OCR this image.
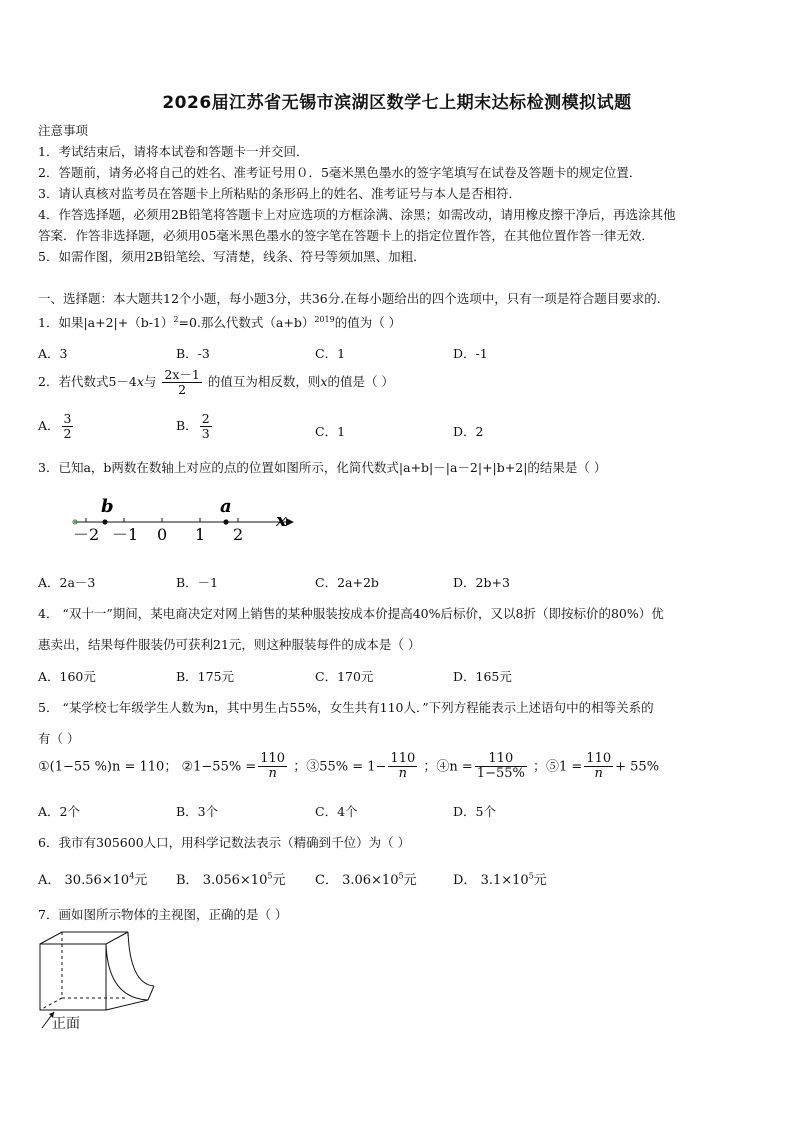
2026届江苏省无锡市滨湖区数学七上期末达标检测模拟试题
注意事项
1．考试结束后，请将本试卷和答题卡一并交回．
2．答题前，请务必将自己的姓名、准考证号用０．5毫米黑色墨水的签字笔填写在试卷及答题卡的规定位置．
3．请认真核对监考员在答题卡上所粘贴的条形码上的姓名、准考证号与本人是否相符．
4．作答选择题，必须用2B铅笔将答题卡上对应选项的方框涂满、涂黑；如需改动，请用橡皮擦干净后，再选涂其他
答案．作答非选择题，必须用05毫米黑色墨水的签字笔在答题卡上的指定位置作答，在其他位置作答一律无效．
5．如需作图，须用2B铅笔绘、写清楚，线条、符号等须加黑、加粗．
一、选择题：本大题共12个小题，每小题3分，共36分.在每小题给出的四个选项中，只有一项是符合题目要求的.
1．如果$|a+2|+(b-1)^2=0$.那么代数式$(a+b)^{2019}$的值为（ ）
A．3	B．-3	C．1	D．-1
2．若代数式5－4x与 $\frac{2x-1}{2}$ 的值互为相反数，则x的值是（ ）
A． $\frac{3}{2}$	B． $\frac{2}{3}$	C．1	D．2
3．已知a，b两数在数轴上对应的点的位置如图所示，化简代数式|a+b|－|a－2|+|b+2|的结果是（ ）
b	a
x
－2 －1 0 1 2
A．2a－3	B．－1	C．2a+2b	D．2b+3
4． “双十一”期间，某电商决定对网上销售的某种服装按成本价提高40%后标价，又以8折（即按标价的80%）优
惠卖出，结果每件服装仍可获利21元，则这种服装每件的成本是（ ）
A．160元	B．175元	C．170元	D．165元
5． “某学校七年级学生人数为n，其中男生占55%，女生共有110人．”下列方程能表示上述语句中的相等关系的
有（ ）
①(1−55 %)n = 110； ②1−55% = $\frac{110}{n}$ ；③55% = $1- \frac{110}{n}$ ；④n = $\frac{110}{1-55\%}$ ；⑤1 = $\frac{110}{n} + 55\%$
A．2个	B．3个	C．4个	D．5个
6．我市有305600人口，用科学记数法表示（精确到千位）为（ ）
A． $30.56\times 10^4$元 B． $3.056\times 10^5$元 C． $3.06\times 10^5$元	D． $3.1\times 10^5$元
7．画如图所示物体的主视图，正确的是（ ）
正面
